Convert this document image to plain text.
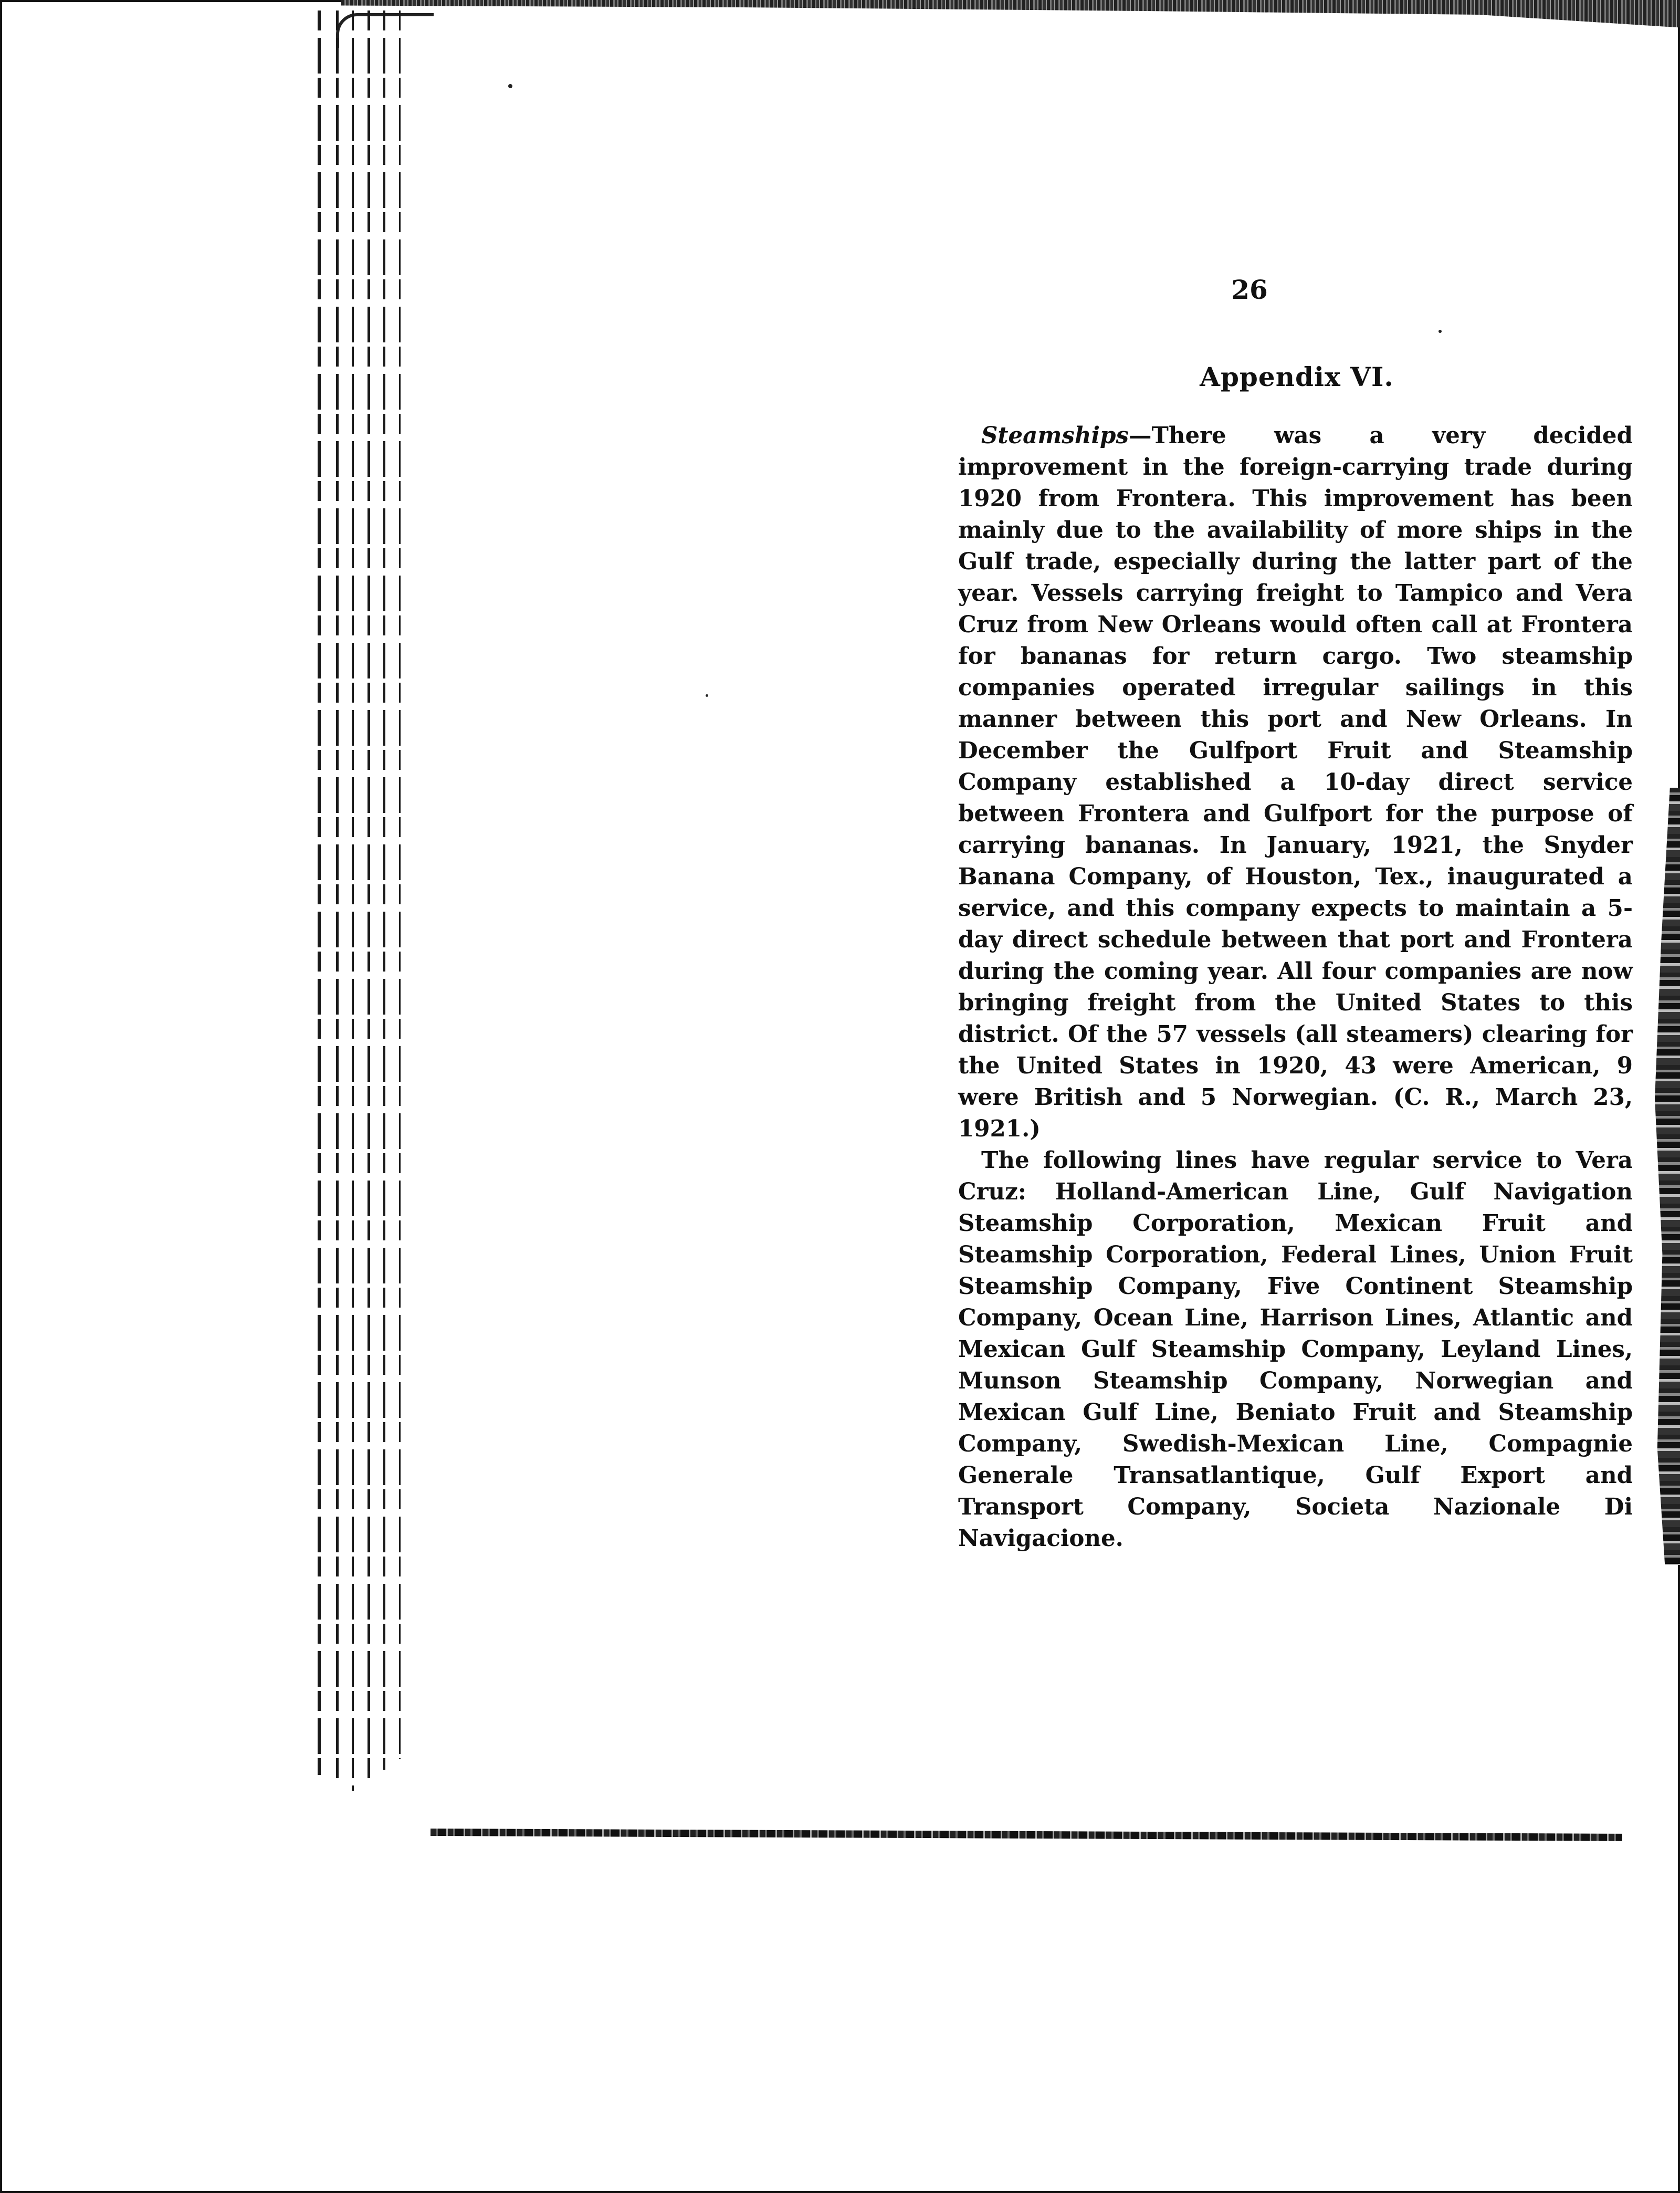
26
Appendix VI.

Steamships—There was a very decided improvement in the foreign-carrying trade during 1920 from Frontera. This improvement has been mainly due to the availability of more ships in the Gulf trade, especially during the latter part of the year. Vessels carrying freight to Tampico and Vera Cruz from New Orleans would often call at Frontera for bananas for return cargo. Two steamship companies operated irregular sailings in this manner between this port and New Orleans. In December the Gulfport Fruit and Steamship Company established a 10-day direct service between Frontera and Gulfport for the purpose of carrying bananas. In January, 1921, the Snyder Banana Company, of Houston, Tex., inaugurated a service, and this company expects to maintain a 5-day direct schedule between that port and Frontera during the coming year. All four companies are now bringing freight from the United States to this district. Of the 57 vessels (all steamers) clearing for the United States in 1920, 43 were American, 9 were British and 5 Norwegian. (C. R., March 23, 1921.)

The following lines have regular service to Vera Cruz: Holland-American Line, Gulf Navigation Steamship Corporation, Mexican Fruit and Steamship Corporation, Federal Lines, Union Fruit Steamship Company, Five Continent Steamship Company, Ocean Line, Harrison Lines, Atlantic and Mexican Gulf Steamship Company, Leyland Lines, Munson Steamship Company, Norwegian and Mexican Gulf Line, Beniato Fruit and Steamship Company, Swedish-Mexican Line, Compagnie Generale Transatlantique, Gulf Export and Transport Company, Societa Nazionale Di Navigacione.
